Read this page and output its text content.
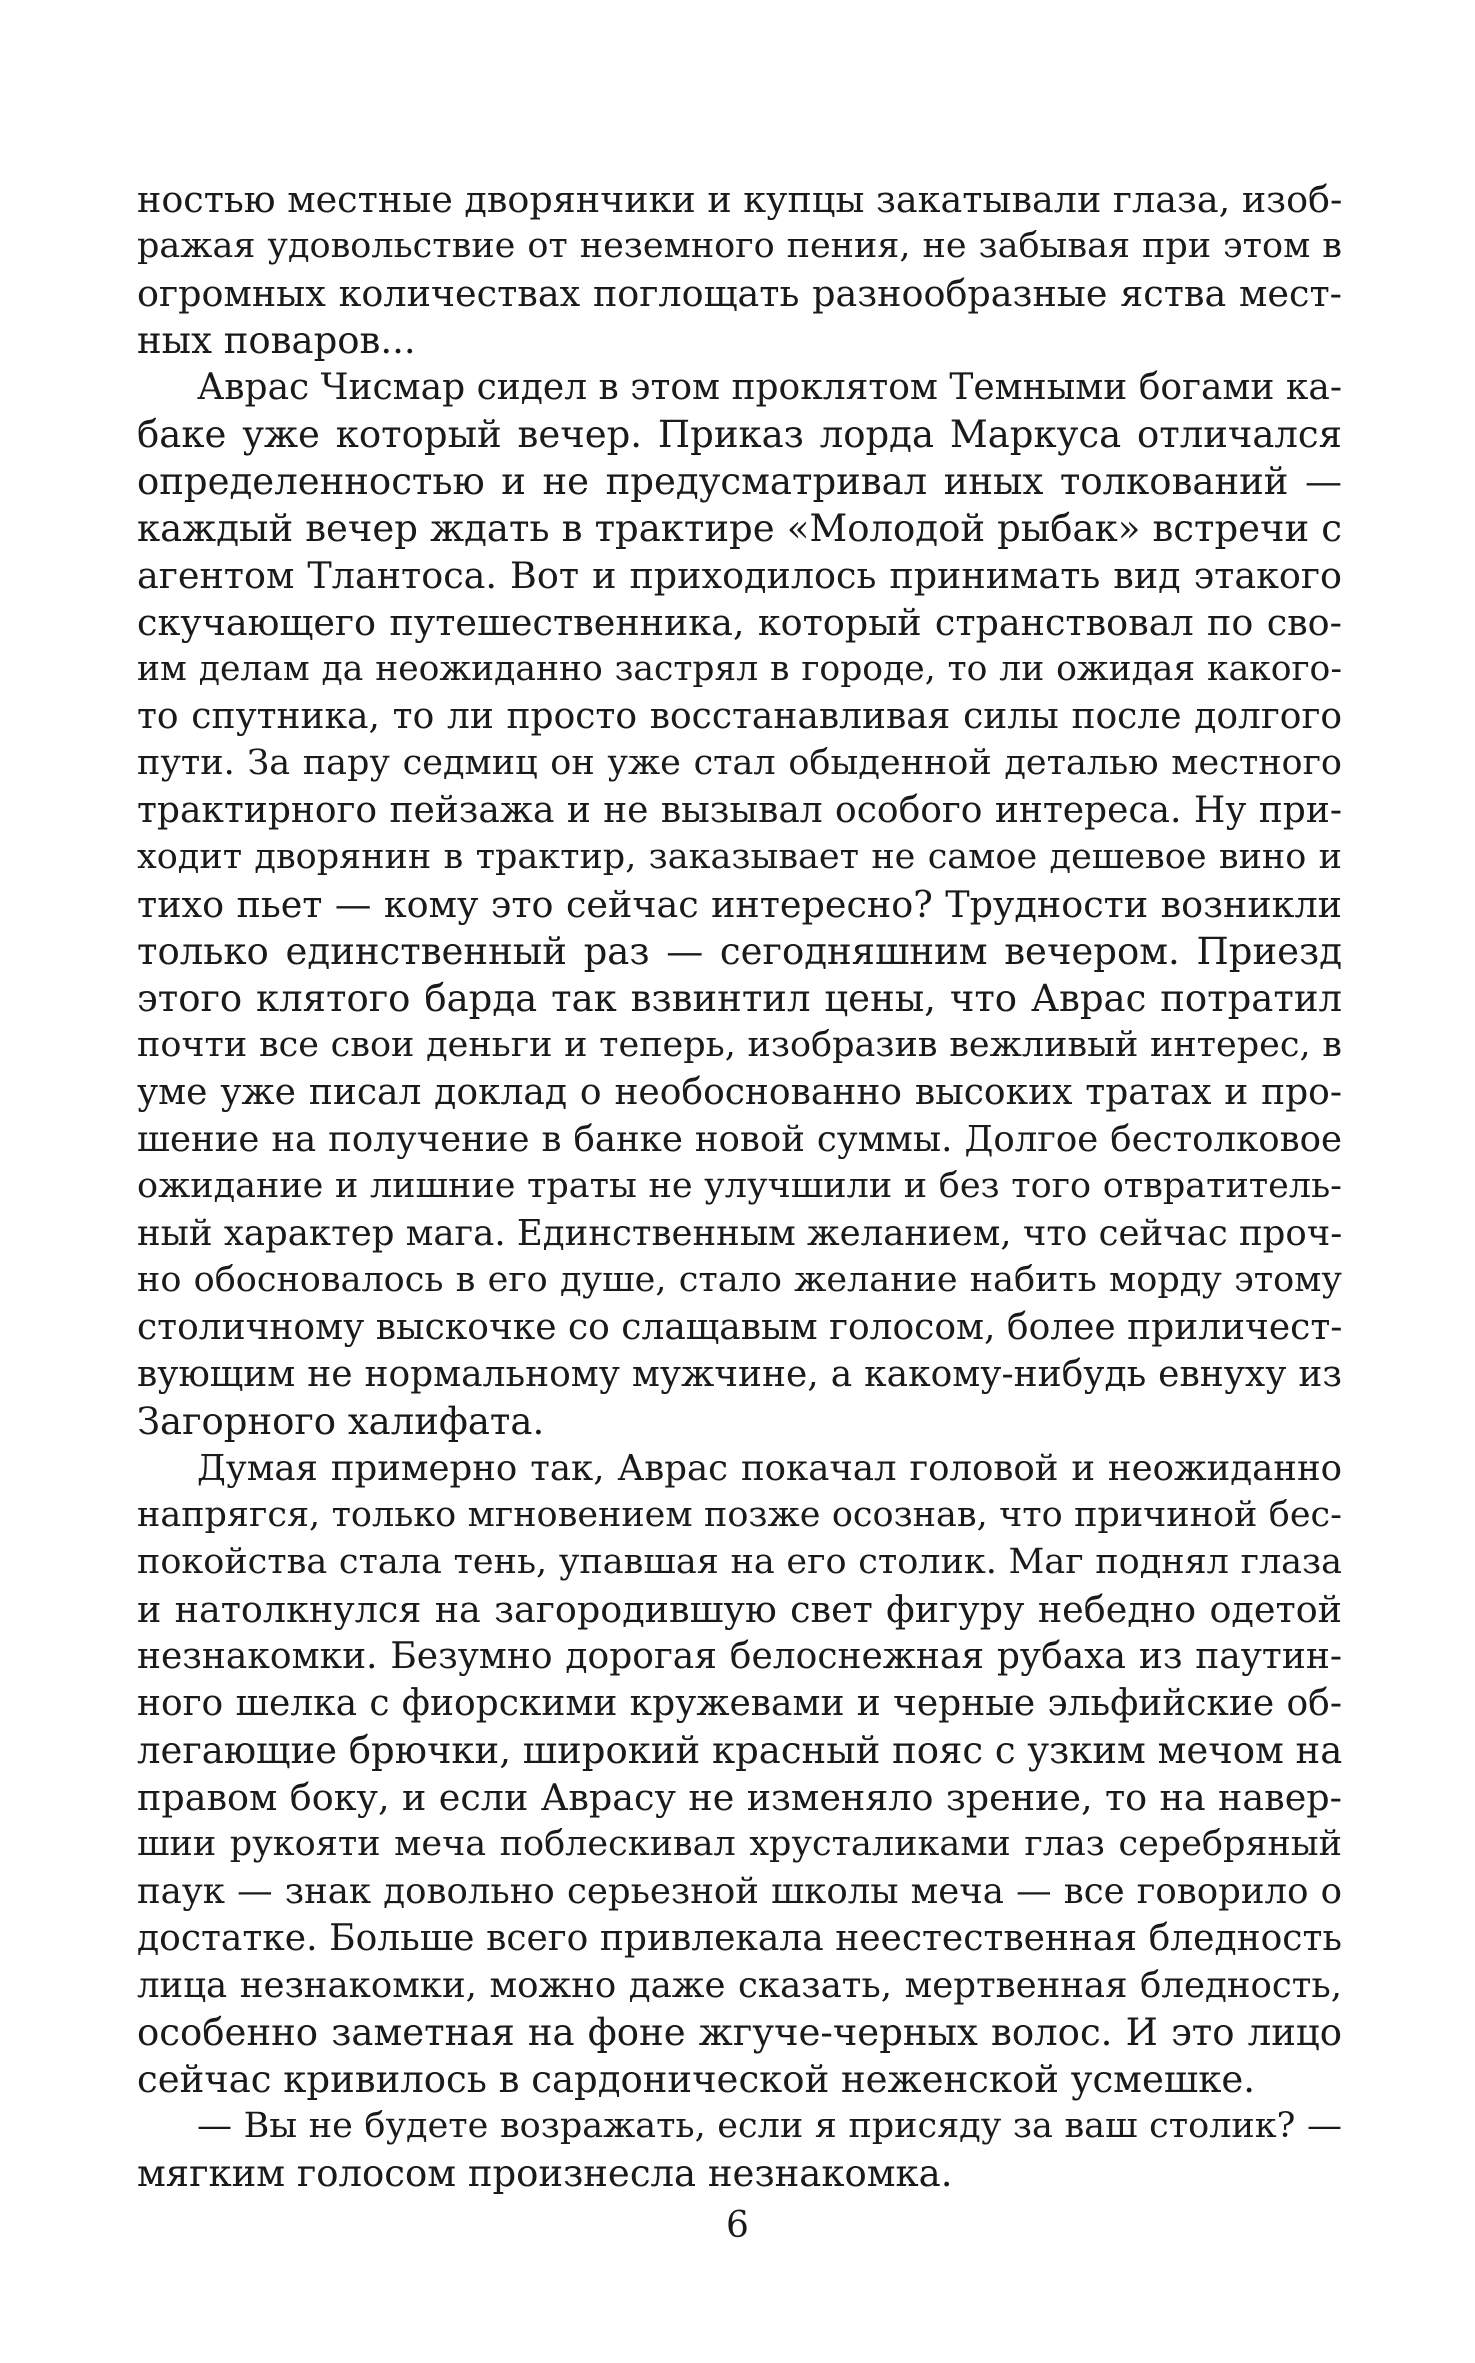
ностью местные дворянчики и купцы закатывали глаза, изоб-
ражая удовольствие от неземного пения, не забывая при этом в
огромных количествах поглощать разнообразные яства мест-
ных поваров...
Аврас Чисмар сидел в этом проклятом Темными богами ка-
баке уже который вечер. Приказ лорда Маркуса отличался
определенностью и не предусматривал иных толкований —
каждый вечер ждать в трактире «Молодой рыбак» встречи с
агентом Тлантоса. Вот и приходилось принимать вид этакого
скучающего путешественника, который странствовал по сво-
им делам да неожиданно застрял в городе, то ли ожидая какого-
то спутника, то ли просто восстанавливая силы после долгого
пути. За пару седмиц он уже стал обыденной деталью местного
трактирного пейзажа и не вызывал особого интереса. Ну при-
ходит дворянин в трактир, заказывает не самое дешевое вино и
тихо пьет — кому это сейчас интересно? Трудности возникли
только единственный раз — сегодняшним вечером. Приезд
этого клятого барда так взвинтил цены, что Аврас потратил
почти все свои деньги и теперь, изобразив вежливый интерес, в
уме уже писал доклад о необоснованно высоких тратах и про-
шение на получение в банке новой суммы. Долгое бестолковое
ожидание и лишние траты не улучшили и без того отвратитель-
ный характер мага. Единственным желанием, что сейчас проч-
но обосновалось в его душе, стало желание набить морду этому
столичному выскочке со слащавым голосом, более приличест-
вующим не нормальному мужчине, а какому-нибудь евнуху из
Загорного халифата.
Думая примерно так, Аврас покачал головой и неожиданно
напрягся, только мгновением позже осознав, что причиной бес-
покойства стала тень, упавшая на его столик. Маг поднял глаза
и натолкнулся на загородившую свет фигуру небедно одетой
незнакомки. Безумно дорогая белоснежная рубаха из паутин-
ного шелка с фиорскими кружевами и черные эльфийские об-
легающие брючки, широкий красный пояс с узким мечом на
правом боку, и если Аврасу не изменяло зрение, то на навер-
шии рукояти меча поблескивал хрусталиками глаз серебряный
паук — знак довольно серьезной школы меча — все говорило о
достатке. Больше всего привлекала неестественная бледность
лица незнакомки, можно даже сказать, мертвенная бледность,
особенно заметная на фоне жгуче-черных волос. И это лицо
сейчас кривилось в сардонической неженской усмешке.
— Вы не будете возражать, если я присяду за ваш столик? —
мягким голосом произнесла незнакомка.
6
